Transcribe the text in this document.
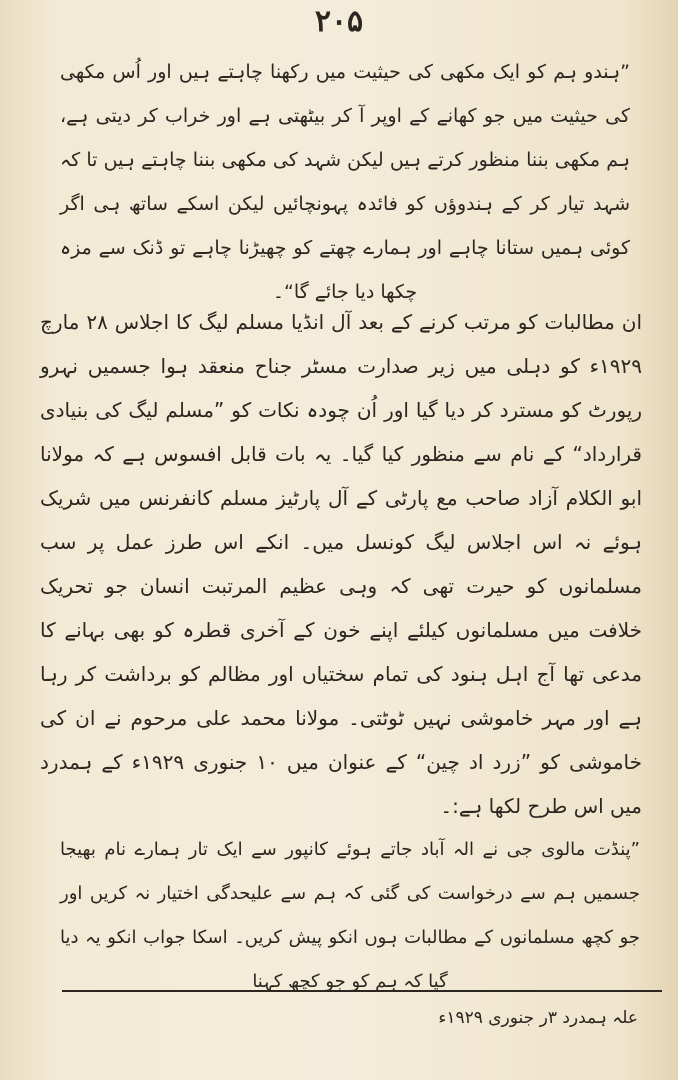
۲۰۵
”ہندو ہم کو ایک مکھی کی حیثیت میں رکھنا چاہتے ہیں اور اُس مکھی کی حیثیت میں جو کھانے کے اوپر آ کر بیٹھتی ہے اور خراب کر دیتی ہے، ہم مکھی بننا منظور کرتے ہیں لیکن شہد کی مکھی بننا چاہتے ہیں تا کہ شہد تیار کر کے ہندوؤں کو فائدہ پہونچائیں لیکن اسکے ساتھ ہی اگر کوئی ہمیں ستانا چاہے اور ہمارے چھتے کو چھیڑنا چاہے تو ڈنک سے مزہ چکھا دیا جائے گا“۔
ان مطالبات کو مرتب کرنے کے بعد آل انڈیا مسلم لیگ کا اجلاس ۲۸ مارچ ۱۹۲۹ء کو دہلی میں زیر صدارت مسٹر جناح منعقد ہوا جسمیں نہرو رپورٹ کو مسترد کر دیا گیا اور اُن چودہ نکات کو ”مسلم لیگ کی بنیادی قرارداد“ کے نام سے منظور کیا گیا۔ یہ بات قابل افسوس ہے کہ مولانا ابو الکلام آزاد صاحب مع پارٹی کے آل پارٹیز مسلم کانفرنس میں شریک ہوئے نہ اس اجلاس لیگ کونسل میں۔ انکے اس طرز عمل پر سب مسلمانوں کو حیرت تھی کہ وہی عظیم المرتبت انسان جو تحریک خلافت میں مسلمانوں کیلئے اپنے خون کے آخری قطرہ کو بھی بہانے کا مدعی تھا آج اہل ہنود کی تمام سختیاں اور مظالم کو برداشت کر رہا ہے اور مہر خاموشی نہیں ٹوٹتی۔ مولانا محمد علی مرحوم نے ان کی خاموشی کو ”زرد اد چین“ کے عنوان میں ۱۰ جنوری ۱۹۲۹ء کے ہمدرد میں اس طرح لکھا ہے:۔
”پنڈت مالوی جی نے الہ آباد جاتے ہوئے کانپور سے ایک تار ہمارے نام بھیجا جسمیں ہم سے درخواست کی گئی کہ ہم سے علیحدگی اختیار نہ کریں اور جو کچھ مسلمانوں کے مطالبات ہوں انکو پیش کریں۔ اسکا جواب انکو یہ دیا گیا کہ ہم کو جو کچھ کہنا
علہ ہمدرد ۳ر جنوری ۱۹۲۹ء
